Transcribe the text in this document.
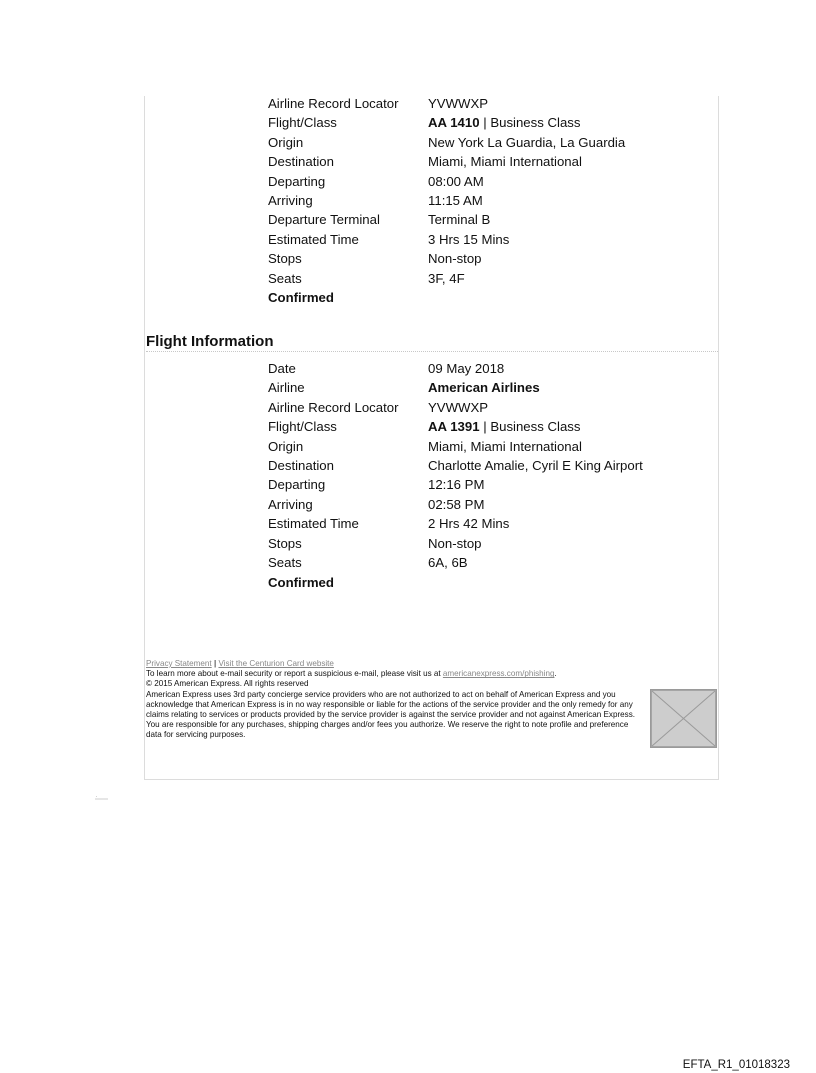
Airline Record Locator	YVWWXP
Flight/Class	AA 1410 | Business Class
Origin	New York La Guardia, La Guardia
Destination	Miami, Miami International
Departing	08:00 AM
Arriving	11:15 AM
Departure Terminal	Terminal B
Estimated Time	3 Hrs 15 Mins
Stops	Non-stop
Seats	3F, 4F
Confirmed
Flight Information
Date	09 May 2018
Airline	American Airlines
Airline Record Locator	YVWWXP
Flight/Class	AA 1391 | Business Class
Origin	Miami, Miami International
Destination	Charlotte Amalie, Cyril E King Airport
Departing	12:16 PM
Arriving	02:58 PM
Estimated Time	2 Hrs 42 Mins
Stops	Non-stop
Seats	6A, 6B
Confirmed
Privacy Statement | Visit the Centurion Card website
To learn more about e-mail security or report a suspicious e-mail, please visit us at americanexpress.com/phishing.
© 2015 American Express. All rights reserved
American Express uses 3rd party concierge service providers who are not authorized to act on behalf of American Express and you acknowledge that American Express is in no way responsible or liable for the actions of the service provider and the only remedy for any claims relating to services or products provided by the service provider is against the service provider and not against American Express. You are responsible for any purchases, shipping charges and/or fees you authorize. We reserve the right to note profile and preference data for servicing purposes.
EFTA_R1_01018323
